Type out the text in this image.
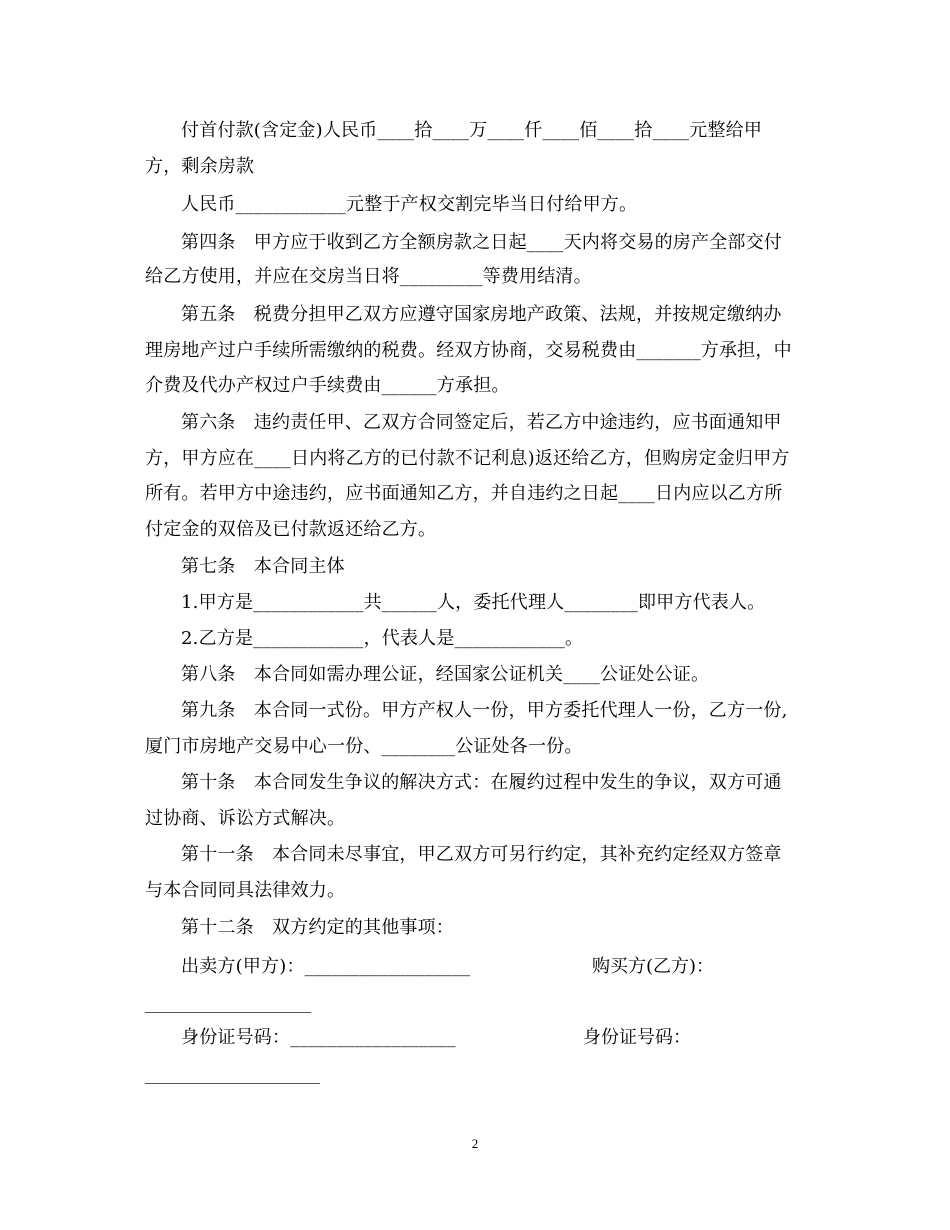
付首付款(含定金)人民币____拾____万____仟____佰____拾____元整给甲
方，剩余房款
人民币____________元整于产权交割完毕当日付给甲方。
第四条　甲方应于收到乙方全额房款之日起____天内将交易的房产全部交付
给乙方使用，并应在交房当日将_________等费用结清。
第五条　税费分担甲乙双方应遵守国家房地产政策、法规，并按规定缴纳办
理房地产过户手续所需缴纳的税费。经双方协商，交易税费由_______方承担，中
介费及代办产权过户手续费由______方承担。
第六条　违约责任甲、乙双方合同签定后，若乙方中途违约，应书面通知甲
方，甲方应在____日内将乙方的已付款不记利息)返还给乙方，但购房定金归甲方
所有。若甲方中途违约，应书面通知乙方，并自违约之日起____日内应以乙方所
付定金的双倍及已付款返还给乙方。
第七条　本合同主体
1.甲方是____________共______人，委托代理人________即甲方代表人。
2.乙方是____________，代表人是____________。
第八条　本合同如需办理公证，经国家公证机关____公证处公证。
第九条　本合同一式份。甲方产权人一份，甲方委托代理人一份，乙方一份,
厦门市房地产交易中心一份、________公证处各一份。
第十条　本合同发生争议的解决方式：在履约过程中发生的争议，双方可通
过协商、诉讼方式解决。
第十一条　本合同未尽事宜，甲乙双方可另行约定，其补充约定经双方签章
与本合同同具法律效力。
第十二条　双方约定的其他事项：
出卖方(甲方)：__________________	购买方(乙方)：
身份证号码：__________________	身份证号码：
2
